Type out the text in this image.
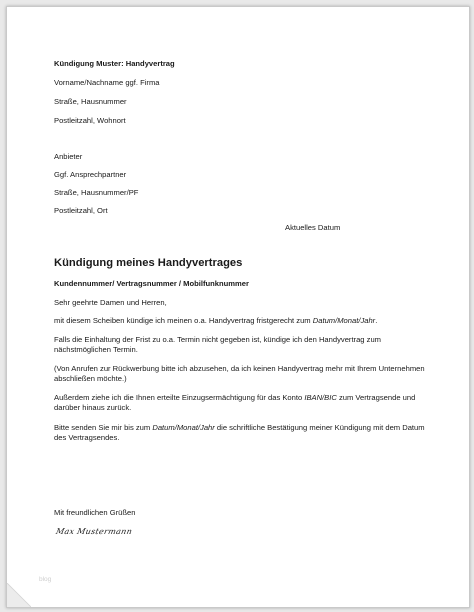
Kündigung Muster: Handyvertrag
Vorname/Nachname ggf. Firma
Straße, Hausnummer
Postleitzahl, Wohnort
Anbieter
Ggf. Ansprechpartner
Straße, Hausnummer/PF
Postleitzahl, Ort
Aktuelles Datum
Kündigung meines Handyvertrages
Kundennummer/ Vertragsnummer / Mobilfunknummer
Sehr geehrte Damen und Herren,
mit diesem Scheiben kündige ich meinen o.a. Handyvertrag fristgerecht zum Datum/Monat/Jahr.
Falls die Einhaltung der Frist zu o.a. Termin nicht gegeben ist, kündige ich den Handyvertrag zum nächstmöglichen Termin.
(Von Anrufen zur Rückwerbung bitte ich abzusehen, da ich keinen Handyvertrag mehr mit Ihrem Unternehmen abschließen möchte.)
Außerdem ziehe ich die Ihnen erteilte Einzugsermächtigung für das Konto IBAN/BIC zum Vertragsende und darüber hinaus zurück.
Bitte senden Sie mir bis zum Datum/Monat/Jahr die schriftliche Bestätigung meiner Kündigung mit dem Datum des Vertragsendes.
Mit freundlichen Grüßen
Max Mustermann
blog
